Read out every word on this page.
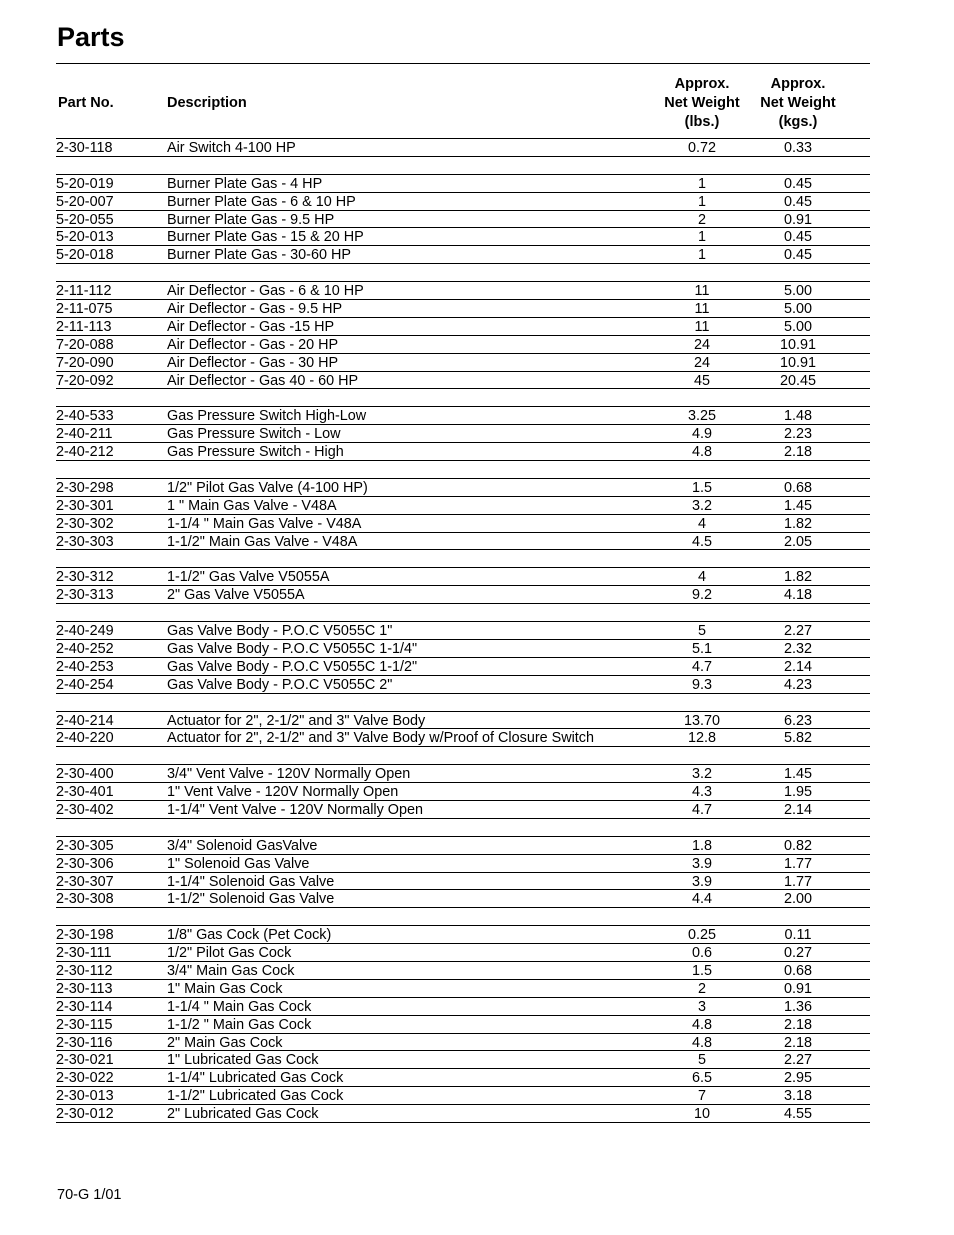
Parts
Part No.	Description
Approx.
Net Weight
(lbs.)
Approx.
Net Weight
(kgs.)
2-30-118	Air Switch 4-100 HP	0.72	0.33
5-20-019	Burner Plate Gas - 4 HP	1	0.45
5-20-007	Burner Plate Gas - 6 & 10 HP	1	0.45
5-20-055	Burner Plate Gas - 9.5 HP	2	0.91
5-20-013	Burner Plate Gas - 15 & 20 HP	1	0.45
5-20-018	Burner Plate Gas - 30-60 HP	1	0.45
2-11-112	Air Deflector - Gas - 6 & 10 HP	11	5.00
2-11-075	Air Deflector - Gas - 9.5 HP	11	5.00
2-11-113	Air Deflector - Gas -15 HP	11	5.00
7-20-088	Air Deflector - Gas - 20 HP	24	10.91
7-20-090	Air Deflector - Gas - 30 HP	24	10.91
7-20-092	Air Deflector - Gas 40 - 60 HP	45	20.45
2-40-533	Gas Pressure Switch High-Low	3.25	1.48
2-40-211	Gas Pressure Switch - Low	4.9	2.23
2-40-212	Gas Pressure Switch - High	4.8	2.18
2-30-298	1/2" Pilot Gas Valve (4-100 HP)	1.5	0.68
2-30-301	1 " Main Gas Valve - V48A	3.2	1.45
2-30-302	1-1/4 " Main Gas Valve - V48A	4	1.82
2-30-303	1-1/2" Main Gas Valve - V48A	4.5	2.05
2-30-312	1-1/2" Gas Valve V5055A	4	1.82
2-30-313	2" Gas Valve V5055A	9.2	4.18
2-40-249	Gas Valve Body - P.O.C V5055C 1"	5	2.27
2-40-252	Gas Valve Body - P.O.C V5055C 1-1/4"	5.1	2.32
2-40-253	Gas Valve Body - P.O.C V5055C 1-1/2"	4.7	2.14
2-40-254	Gas Valve Body - P.O.C V5055C 2"	9.3	4.23
2-40-214	Actuator for 2", 2-1/2" and 3" Valve Body	13.70	6.23
2-40-220	Actuator for 2", 2-1/2" and 3" Valve Body w/Proof of Closure Switch	12.8	5.82
2-30-400	3/4" Vent Valve - 120V Normally Open	3.2	1.45
2-30-401	1" Vent Valve - 120V Normally Open	4.3	1.95
2-30-402	1-1/4" Vent Valve - 120V Normally Open	4.7	2.14
2-30-305	3/4" Solenoid GasValve	1.8	0.82
2-30-306	1" Solenoid Gas Valve	3.9	1.77
2-30-307	1-1/4" Solenoid Gas Valve	3.9	1.77
2-30-308	1-1/2" Solenoid Gas Valve	4.4	2.00
2-30-198	1/8" Gas Cock (Pet Cock)	0.25	0.11
2-30-111	1/2" Pilot Gas Cock	0.6	0.27
2-30-112	3/4" Main Gas Cock	1.5	0.68
2-30-113	1" Main Gas Cock	2	0.91
2-30-114	1-1/4 " Main Gas Cock	3	1.36
2-30-115	1-1/2 " Main Gas Cock	4.8	2.18
2-30-116	2" Main Gas Cock	4.8	2.18
2-30-021	1" Lubricated Gas Cock	5	2.27
2-30-022	1-1/4" Lubricated Gas Cock	6.5	2.95
2-30-013	1-1/2" Lubricated Gas Cock	7	3.18
2-30-012	2" Lubricated Gas Cock	10	4.55
70-G 1/01
